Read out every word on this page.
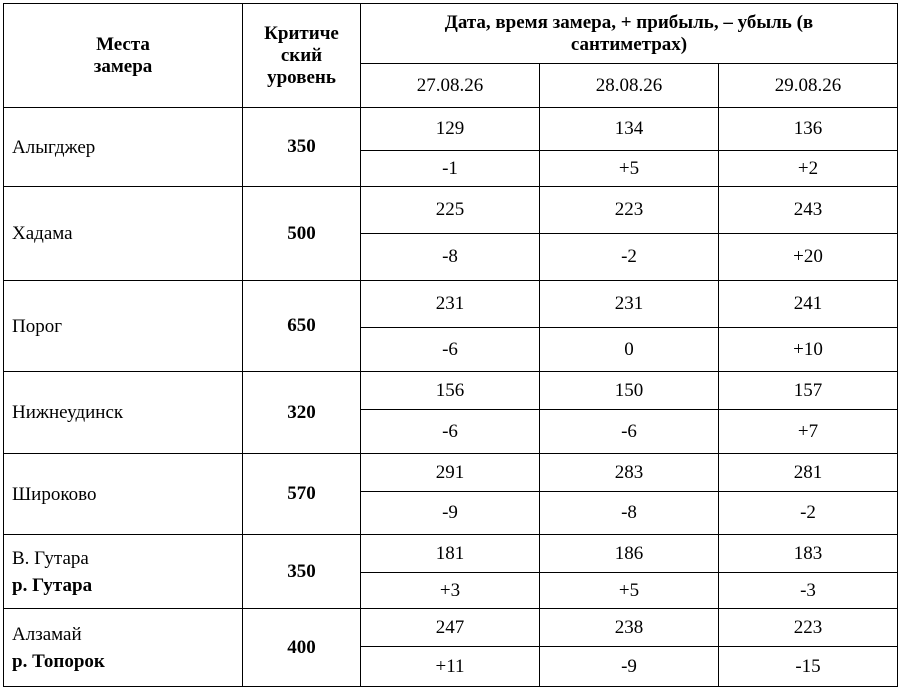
Места
замера	Критиче
ский
уровень	Дата, время замера, + прибыль, – убыль (в
сантиметрах)		
		27.08.26	28.08.26	29.08.26

Алыгджер	350	129	134	136
		-1	+5	+2

Хадама	500	225	223	243
		-8	-2	+20

Порог	650	231	231	241
		-6	0	+10

Нижнеудинск	320	156	150	157
		-6	-6	+7

Широково	570	291	283	281
		-9	-8	-2

В. Гутара
р. Гутара	350	181	186	183
		+3	+5	-3

Алзамай
р. Топорок	400	247	238	223
		+11	-9	-15
